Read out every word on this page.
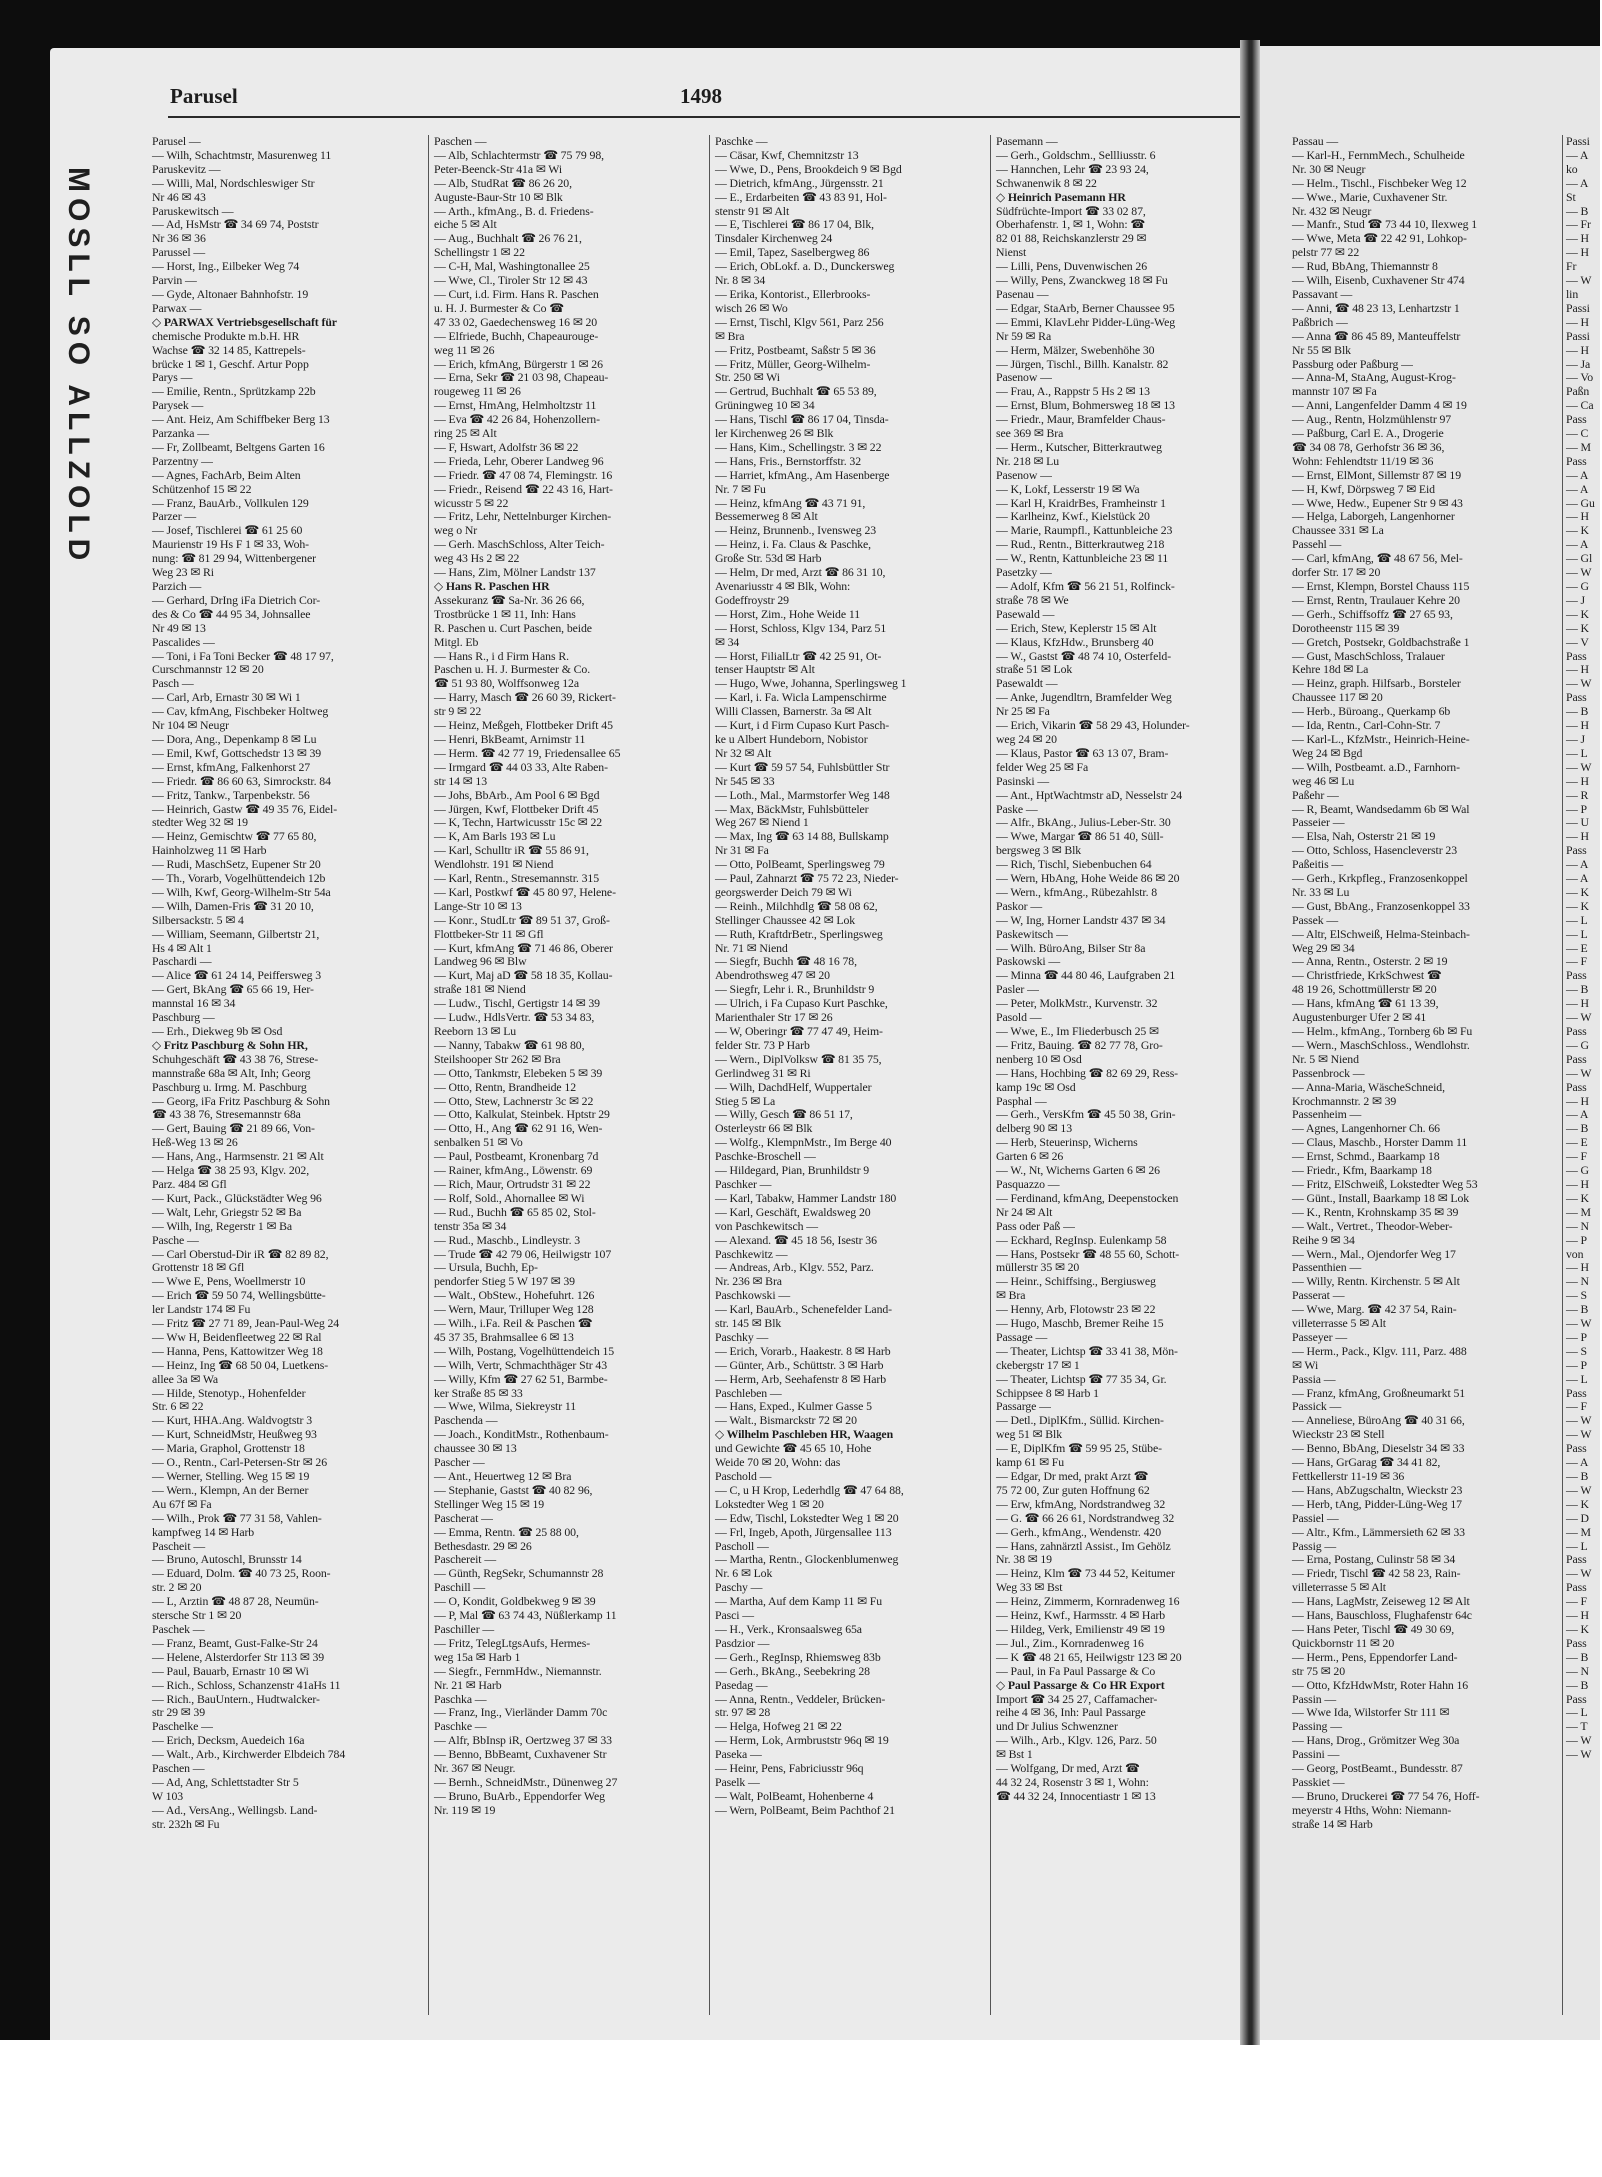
MOSLL SO ALLZOLD
Parusel	1498
Parusel —
— Wilh, Schachtmstr, Masurenweg 11
Paruskevitz —
— Willi, Mal, Nordschleswiger Str
Nr 46 ✉ 43
Paruskewitsch —
— Ad, HsMstr ☎ 34 69 74, Poststr
Nr 36 ✉ 36
Parussel —
— Horst, Ing., Eilbeker Weg 74
Parvin —
— Gyde, Altonaer Bahnhofstr. 19
Parwax —
◇ PARWAX Vertriebsgesellschaft für
chemische Produkte m.b.H. HR
Wachse ☎ 32 14 85, Kattrepels-
brücke 1 ✉ 1, Geschf. Artur Popp
Parys —
— Emilie, Rentn., Sprützkamp 22b
Parysek —
— Ant. Heiz, Am Schiffbeker Berg 13
Parzanka —
— Fr, Zollbeamt, Beltgens Garten 16
Parzentny —
— Agnes, FachArb, Beim Alten
Schützenhof 15 ✉ 22
— Franz, BauArb., Vollkulen 129
Parzer —
— Josef, Tischlerei ☎ 61 25 60
Maurienstr 19 Hs F 1 ✉ 33, Woh-
nung: ☎ 81 29 94, Wittenbergener
Weg 23 ✉ Ri
Parzich —
— Gerhard, DrIng iFa Dietrich Cor-
des & Co ☎ 44 95 34, Johnsallee
Nr 49 ✉ 13
Pascalides —
— Toni, i Fa Toni Becker ☎ 48 17 97,
Curschmannstr 12 ✉ 20
Pasch —
— Carl, Arb, Ernastr 30 ✉ Wi 1
— Cav, kfmAng, Fischbeker Holtweg
Nr 104 ✉ Neugr
— Dora, Ang., Depenkamp 8 ✉ Lu
— Emil, Kwf, Gottschedstr 13 ✉ 39
— Ernst, kfmAng, Falkenhorst 27
— Friedr. ☎ 86 60 63, Simrockstr. 84
— Fritz, Tankw., Tarpenbekstr. 56
— Heinrich, Gastw ☎ 49 35 76, Eidel-
stedter Weg 32 ✉ 19
— Heinz, Gemischtw ☎ 77 65 80,
Hainholzweg 11 ✉ Harb
— Rudi, MaschSetz, Eupener Str 20
— Th., Vorarb, Vogelhüttendeich 12b
— Wilh, Kwf, Georg-Wilhelm-Str 54a
— Wilh, Damen-Fris ☎ 31 20 10,
Silbersackstr. 5 ✉ 4
— William, Seemann, Gilbertstr 21,
Hs 4 ✉ Alt 1
Paschardi —
— Alice ☎ 61 24 14, Peiffersweg 3
— Gert, BkAng ☎ 65 66 19, Her-
mannstal 16 ✉ 34
Paschburg —
— Erh., Diekweg 9b ✉ Osd
◇ Fritz Paschburg & Sohn HR,
Schuhgeschäft ☎ 43 38 76, Strese-
mannstraße 68a ✉ Alt, Inh; Georg
Paschburg u. Irmg. M. Paschburg
— Georg, iFa Fritz Paschburg & Sohn
☎ 43 38 76, Stresemannstr 68a
— Gert, Bauing ☎ 21 89 66, Von-
Heß-Weg 13 ✉ 26
— Hans, Ang., Harmsenstr. 21 ✉ Alt
— Helga ☎ 38 25 93, Klgv. 202,
Parz. 484 ✉ Gfl
— Kurt, Pack., Glückstädter Weg 96
— Walt, Lehr, Griegstr 52 ✉ Ba
— Wilh, Ing, Regerstr 1 ✉ Ba
Pasche —
— Carl Oberstud-Dir iR ☎ 82 89 82,
Grottenstr 18 ✉ Gfl
— Wwe E, Pens, Woellmerstr 10
— Erich ☎ 59 50 74, Wellingsbütte-
ler Landstr 174 ✉ Fu
— Fritz ☎ 27 71 89, Jean-Paul-Weg 24
— Ww H, Beidenfleetweg 22 ✉ Ral
— Hanna, Pens, Kattowitzer Weg 18
— Heinz, Ing ☎ 68 50 04, Luetkens-
allee 3a ✉ Wa
— Hilde, Stenotyp., Hohenfelder
Str. 6 ✉ 22
— Kurt, HHA.Ang. Waldvogtstr 3
— Kurt, SchneidMstr, Heußweg 93
— Maria, Graphol, Grottenstr 18
— O., Rentn., Carl-Petersen-Str ✉ 26
— Werner, Stelling. Weg 15 ✉ 19
— Wern., Klempn, An der Berner
Au 67f ✉ Fa
— Wilh., Prok ☎ 77 31 58, Vahlen-
kampfweg 14 ✉ Harb
Pascheit —
— Bruno, Autoschl, Brunsstr 14
— Eduard, Dolm. ☎ 40 73 25, Roon-
str. 2 ✉ 20
— L, Arztin ☎ 48 87 28, Neumün-
stersche Str 1 ✉ 20
Paschek —
— Franz, Beamt, Gust-Falke-Str 24
— Helene, Alsterdorfer Str 113 ✉ 39
— Paul, Bauarb, Ernastr 10 ✉ Wi
— Rich., Schloss, Schanzenstr 41aHs 11
— Rich., BauUntern., Hudtwalcker-
str 29 ✉ 39
Paschelke —
— Erich, Decksm, Auedeich 16a
— Walt., Arb., Kirchwerder Elbdeich 784
Paschen —
— Ad, Ang, Schlettstadter Str 5
W 103
— Ad., VersAng., Wellingsb. Land-
str. 232h ✉ Fu
Paschen —
— Alb, Schlachtermstr ☎ 75 79 98,
Peter-Beenck-Str 41a ✉ Wi
— Alb, StudRat ☎ 86 26 20,
Auguste-Baur-Str 10 ✉ Blk
— Arth., kfmAng., B. d. Friedens-
eiche 5 ✉ Alt
— Aug., Buchhalt ☎ 26 76 21,
Schellingstr 1 ✉ 22
— C-H, Mal, Washingtonallee 25
— Wwe, Cl., Tiroler Str 12 ✉ 43
— Curt, i.d. Firm. Hans R. Paschen
u. H. J. Burmester & Co ☎
47 33 02, Gaedechensweg 16 ✉ 20
— Elfriede, Buchh, Chapeaurouge-
weg 11 ✉ 26
— Erich, kfmAng, Bürgerstr 1 ✉ 26
— Erna, Sekr ☎ 21 03 98, Chapeau-
rougeweg 11 ✉ 26
— Ernst, HmAng, Helmholtzstr 11
— Eva ☎ 42 26 84, Hohenzollern-
ring 25 ✉ Alt
— F, Hswart, Adolfstr 36 ✉ 22
— Frieda, Lehr, Oberer Landweg 96
— Friedr. ☎ 47 08 74, Flemingstr. 16
— Friedr., Reisend ☎ 22 43 16, Hart-
wicusstr 5 ✉ 22
— Fritz, Lehr, Nettelnburger Kirchen-
weg o Nr
— Gerh. MaschSchloss, Alter Teich-
weg 43 Hs 2 ✉ 22
— Hans, Zim, Mölner Landstr 137
◇ Hans R. Paschen HR
Assekuranz ☎ Sa-Nr. 36 26 66,
Trostbrücke 1 ✉ 11, Inh: Hans
R. Paschen u. Curt Paschen, beide
Mitgl. Eb
— Hans R., i d Firm Hans R.
Paschen u. H. J. Burmester & Co.
☎ 51 93 80, Wolffsonweg 12a
— Harry, Masch ☎ 26 60 39, Rickert-
str 9 ✉ 22
— Heinz, Meßgeh, Flottbeker Drift 45
— Henri, BkBeamt, Arnimstr 11
— Herm. ☎ 42 77 19, Friedensallee 65
— Irmgard ☎ 44 03 33, Alte Raben-
str 14 ✉ 13
— Johs, BbArb., Am Pool 6 ✉ Bgd
— Jürgen, Kwf, Flottbeker Drift 45
— K, Techn, Hartwicusstr 15c ✉ 22
— K, Am Barls 193 ✉ Lu
— Karl, Schulltr iR ☎ 55 86 91,
Wendlohstr. 191 ✉ Niend
— Karl, Rentn., Stresemannstr. 315
— Karl, Postkwf ☎ 45 80 97, Helene-
Lange-Str 10 ✉ 13
— Konr., StudLtr ☎ 89 51 37, Groß-
Flottbeker-Str 11 ✉ Gfl
— Kurt, kfmAng ☎ 71 46 86, Oberer
Landweg 96 ✉ Blw
— Kurt, Maj aD ☎ 58 18 35, Kollau-
straße 181 ✉ Niend
— Ludw., Tischl, Gertigstr 14 ✉ 39
— Ludw., HdlsVertr. ☎ 53 34 83,
Reeborn 13 ✉ Lu
— Nanny, Tabakw ☎ 61 98 80,
Steilshooper Str 262 ✉ Bra
— Otto, Tankmstr, Elebeken 5 ✉ 39
— Otto, Rentn, Brandheide 12
— Otto, Stew, Lachnerstr 3c ✉ 22
— Otto, Kalkulat, Steinbek. Hptstr 29
— Otto, H., Ang ☎ 62 91 16, Wen-
senbalken 51 ✉ Vo
— Paul, Postbeamt, Kronenbarg 7d
— Rainer, kfmAng., Löwenstr. 69
— Rich, Maur, Ortrudstr 31 ✉ 22
— Rolf, Sold., Ahornallee ✉ Wi
— Rud., Buchh ☎ 65 85 02, Stol-
tenstr 35a ✉ 34
— Rud., Maschb., Lindleystr. 3
— Trude ☎ 42 79 06, Heilwigstr 107
— Ursula, Buchh, Ep-
pendorfer Stieg 5 W 197 ✉ 39
— Walt., ObStew., Hohefuhrt. 126
— Wern, Maur, Trilluper Weg 128
— Wilh., i.Fa. Reil & Paschen ☎
45 37 35, Brahmsallee 6 ✉ 13
— Wilh, Postang, Vogelhüttendeich 15
— Wilh, Vertr, Schmachthäger Str 43
— Willy, Kfm ☎ 27 62 51, Barmbe-
ker Straße 85 ✉ 33
— Wwe, Wilma, Siekreystr 11
Paschenda —
— Joach., KonditMstr., Rothenbaum-
chaussee 30 ✉ 13
Pascher —
— Ant., Heuertweg 12 ✉ Bra
— Stephanie, Gastst ☎ 40 82 96,
Stellinger Weg 15 ✉ 19
Pascherat —
— Emma, Rentn. ☎ 25 88 00,
Bethesdastr. 29 ✉ 26
Paschereit —
— Günth, RegSekr, Schumannstr 28
Paschill —
— O, Kondit, Goldbekweg 9 ✉ 39
— P, Mal ☎ 63 74 43, Nüßlerkamp 11
Paschiller —
— Fritz, TelegLtgsAufs, Hermes-
weg 15a ✉ Harb 1
— Siegfr., FernmHdw., Niemannstr.
Nr. 21 ✉ Harb
Paschka —
— Franz, Ing., Vierländer Damm 70c
Paschke —
— Alfr, BbInsp iR, Oertzweg 37 ✉ 33
— Benno, BbBeamt, Cuxhavener Str
Nr. 367 ✉ Neugr.
— Bernh., SchneidMstr., Dünenweg 27
— Bruno, BuArb., Eppendorfer Weg
Nr. 119 ✉ 19
Paschke —
— Cäsar, Kwf, Chemnitzstr 13
— Wwe, D., Pens, Brookdeich 9 ✉ Bgd
— Dietrich, kfmAng., Jürgensstr. 21
— E., Erdarbeiten ☎ 43 83 91, Hol-
stenstr 91 ✉ Alt
— E, Tischlerei ☎ 86 17 04, Blk,
Tinsdaler Kirchenweg 24
— Emil, Tapez, Saselbergweg 86
— Erich, ObLokf. a. D., Dunckersweg
Nr. 8 ✉ 34
— Erika, Kontorist., Ellerbrooks-
wisch 26 ✉ Wo
— Ernst, Tischl, Klgv 561, Parz 256
✉ Bra
— Fritz, Postbeamt, Saßstr 5 ✉ 36
— Fritz, Müller, Georg-Wilhelm-
Str. 250 ✉ Wi
— Gertrud, Buchhalt ☎ 65 53 89,
Grüningweg 10 ✉ 34
— Hans, Tischl ☎ 86 17 04, Tinsda-
ler Kirchenweg 26 ✉ Blk
— Hans, Kim., Schellingstr. 3 ✉ 22
— Hans, Fris., Bernstorffstr. 32
— Harriet, kfmAng., Am Hasenberge
Nr. 7 ✉ Fu
— Heinz, kfmAng ☎ 43 71 91,
Bessemerweg 8 ✉ Alt
— Heinz, Brunnenb., Ivensweg 23
— Heinz, i. Fa. Claus & Paschke,
Große Str. 53d ✉ Harb
— Helm, Dr med, Arzt ☎ 86 31 10,
Avenariusstr 4 ✉ Blk, Wohn:
Godeffroystr 29
— Horst, Zim., Hohe Weide 11
— Horst, Schloss, Klgv 134, Parz 51
✉ 34
— Horst, FilialLtr ☎ 42 25 91, Ot-
tenser Hauptstr ✉ Alt
— Hugo, Wwe, Johanna, Sperlingsweg 1
— Karl, i. Fa. Wicla Lampenschirme
Willi Classen, Barnerstr. 3a ✉ Alt
— Kurt, i d Firm Cupaso Kurt Pasch-
ke u Albert Hundeborn, Nobistor
Nr 32 ✉ Alt
— Kurt ☎ 59 57 54, Fuhlsbüttler Str
Nr 545 ✉ 33
— Loth., Mal., Marmstorfer Weg 148
— Max, BäckMstr, Fuhlsbütteler
Weg 267 ✉ Niend 1
— Max, Ing ☎ 63 14 88, Bullskamp
Nr 31 ✉ Fa
— Otto, PolBeamt, Sperlingsweg 79
— Paul, Zahnarzt ☎ 75 72 23, Nieder-
georgswerder Deich 79 ✉ Wi
— Reinh., Milchhdlg ☎ 58 08 62,
Stellinger Chaussee 42 ✉ Lok
— Ruth, KraftdrBetr., Sperlingsweg
Nr. 71 ✉ Niend
— Siegfr, Buchh ☎ 48 16 78,
Abendrothsweg 47 ✉ 20
— Siegfr, Lehr i. R., Brunhildstr 9
— Ulrich, i Fa Cupaso Kurt Paschke,
Marienthaler Str 17 ✉ 26
— W, Oberingr ☎ 77 47 49, Heim-
felder Str. 73 P Harb
— Wern., DiplVolksw ☎ 81 35 75,
Gerlindweg 31 ✉ Ri
— Wilh, DachdHelf, Wuppertaler
Stieg 5 ✉ La
— Willy, Gesch ☎ 86 51 17,
Osterleystr 66 ✉ Blk
— Wolfg., KlempnMstr., Im Berge 40
Paschke-Broschell —
— Hildegard, Pian, Brunhildstr 9
Paschker —
— Karl, Tabakw, Hammer Landstr 180
— Karl, Geschäft, Ewaldsweg 20
von Paschkewitsch —
— Alexand. ☎ 45 18 56, Isestr 36
Paschkewitz —
— Andreas, Arb., Klgv. 552, Parz.
Nr. 236 ✉ Bra
Paschkowski —
— Karl, BauArb., Schenefelder Land-
str. 145 ✉ Blk
Paschky —
— Erich, Vorarb., Haakestr. 8 ✉ Harb
— Günter, Arb., Schüttstr. 3 ✉ Harb
— Herm, Arb, Seehafenstr 8 ✉ Harb
Paschleben —
— Hans, Exped., Kulmer Gasse 5
— Walt., Bismarckstr 72 ✉ 20
◇ Wilhelm Paschleben HR, Waagen
und Gewichte ☎ 45 65 10, Hohe
Weide 70 ✉ 20, Wohn: das
Paschold —
— C, u H Krop, Lederhdlg ☎ 47 64 88,
Lokstedter Weg 1 ✉ 20
— Edw, Tischl, Lokstedter Weg 1 ✉ 20
— Frl, Ingeb, Apoth, Jürgensallee 113
Pascholl —
— Martha, Rentn., Glockenblumenweg
Nr. 6 ✉ Lok
Paschy —
— Martha, Auf dem Kamp 11 ✉ Fu
Pasci —
— H., Verk., Kronsaalsweg 65a
Pasdzior —
— Gerh., RegInsp, Rhiemsweg 83b
— Gerh., BkAng., Seebekring 28
Pasedag —
— Anna, Rentn., Veddeler, Brücken-
str. 97 ✉ 28
— Helga, Hofweg 21 ✉ 22
— Herm, Lok, Armbruststr 96q ✉ 19
Paseka —
— Heinr, Pens, Fabriciusstr 96q
Paselk —
— Walt, PolBeamt, Hohenberne 4
— Wern, PolBeamt, Beim Pachthof 21
Pasemann —
— Gerh., Goldschm., Sellliusstr. 6
— Hannchen, Lehr ☎ 23 93 24,
Schwanenwik 8 ✉ 22
◇ Heinrich Pasemann HR
Südfrüchte-Import ☎ 33 02 87,
Oberhafenstr. 1, ✉ 1, Wohn: ☎
82 01 88, Reichskanzlerstr 29 ✉
Nienst
— Lilli, Pens, Duvenwischen 26
— Willy, Pens, Zwanckweg 18 ✉ Fu
Pasenau —
— Edgar, StaArb, Berner Chaussee 95
— Emmi, KlavLehr Pidder-Lüng-Weg
Nr 59 ✉ Ra
— Herm, Mälzer, Swebenhöhe 30
— Jürgen, Tischl., Billh. Kanalstr. 82
Pasenow —
— Frau, A., Rappstr 5 Hs 2 ✉ 13
— Ernst, Blum, Bohmersweg 18 ✉ 13
— Friedr., Maur, Bramfelder Chaus-
see 369 ✉ Bra
— Herm., Kutscher, Bitterkrautweg
Nr. 218 ✉ Lu
Pasenow —
— K, Lokf, Lesserstr 19 ✉ Wa
— Karl H, KraidrBes, Framheinstr 1
— Karlheinz, Kwf., Kielstück 20
— Marie, Raumpfl., Kattunbleiche 23
— Rud., Rentn., Bitterkrautweg 218
— W., Rentn, Kattunbleiche 23 ✉ 11
Pasetzky —
— Adolf, Kfm ☎ 56 21 51, Rolfinck-
straße 78 ✉ We
Pasewald —
— Erich, Stew, Keplerstr 15 ✉ Alt
— Klaus, KfzHdw., Brunsberg 40
— W., Gastst ☎ 48 74 10, Osterfeld-
straße 51 ✉ Lok
Pasewaldt —
— Anke, Jugendltrn, Bramfelder Weg
Nr 25 ✉ Fa
— Erich, Vikarin ☎ 58 29 43, Holunder-
weg 24 ✉ 20
— Klaus, Pastor ☎ 63 13 07, Bram-
felder Weg 25 ✉ Fa
Pasinski —
— Ant., HptWachtmstr aD, Nesselstr 24
Paske —
— Alfr., BkAng., Julius-Leber-Str. 30
— Wwe, Margar ☎ 86 51 40, Süll-
bergsweg 3 ✉ Blk
— Rich, Tischl, Siebenbuchen 64
— Wern, HbAng, Hohe Weide 86 ✉ 20
— Wern., kfmAng., Rübezahlstr. 8
Paskor —
— W, Ing, Horner Landstr 437 ✉ 34
Paskewitsch —
— Wilh. BüroAng, Bilser Str 8a
Paskowski —
— Minna ☎ 44 80 46, Laufgraben 21
Pasler —
— Peter, MolkMstr., Kurvenstr. 32
Pasold —
— Wwe, E., Im Fliederbusch 25 ✉
— Fritz, Bauing. ☎ 82 77 78, Gro-
nenberg 10 ✉ Osd
— Hans, Hochbing ☎ 82 69 29, Ress-
kamp 19c ✉ Osd
Pasphal —
— Gerh., VersKfm ☎ 45 50 38, Grin-
delberg 90 ✉ 13
— Herb, Steuerinsp, Wicherns
Garten 6 ✉ 26
— W., Nt, Wicherns Garten 6 ✉ 26
Pasquazzo —
— Ferdinand, kfmAng, Deepenstocken
Nr 24 ✉ Alt
Pass oder Paß —
— Eckhard, RegInsp. Eulenkamp 58
— Hans, Postsekr ☎ 48 55 60, Schott-
müllerstr 35 ✉ 20
— Heinr., Schiffsing., Bergiusweg
✉ Bra
— Henny, Arb, Flotowstr 23 ✉ 22
— Hugo, Maschb, Bremer Reihe 15
Passage —
— Theater, Lichtsp ☎ 33 41 38, Mön-
ckebergstr 17 ✉ 1
— Theater, Lichtsp ☎ 77 35 34, Gr.
Schippsee 8 ✉ Harb 1
Passarge —
— Detl., DiplKfm., Süllid. Kirchen-
weg 51 ✉ Blk
— E, DiplKfm ☎ 59 95 25, Stübe-
kamp 61 ✉ Fu
— Edgar, Dr med, prakt Arzt ☎
75 72 00, Zur guten Hoffnung 62
— Erw, kfmAng, Nordstrandweg 32
— G. ☎ 66 26 61, Nordstrandweg 32
— Gerh., kfmAng., Wendenstr. 420
— Hans, zahnärztl Assist., Im Gehölz
Nr. 38 ✉ 19
— Heinz, Klm ☎ 73 44 52, Keitumer
Weg 33 ✉ Bst
— Heinz, Zimmerm, Kornradenweg 16
— Heinz, Kwf., Harmsstr. 4 ✉ Harb
— Hildeg, Verk, Emilienstr 49 ✉ 19
— Jul., Zim., Kornradenweg 16
— K ☎ 48 21 65, Heilwigstr 123 ✉ 20
— Paul, in Fa Paul Passarge & Co
◇ Paul Passarge & Co HR Export
Import ☎ 34 25 27, Caffamacher-
reihe 4 ✉ 36, Inh: Paul Passarge
und Dr Julius Schwenzner
— Wilh., Arb., Klgv. 126, Parz. 50
✉ Bst 1
— Wolfgang, Dr med, Arzt ☎
44 32 24, Rosenstr 3 ✉ 1, Wohn:
☎ 44 32 24, Innocentiastr 1 ✉ 13
Passau —
— Karl-H., FernmMech., Schulheide
Nr. 30 ✉ Neugr
— Helm., Tischl., Fischbeker Weg 12
— Wwe., Marie, Cuxhavener Str.
Nr. 432 ✉ Neugr
— Manfr., Stud ☎ 73 44 10, Ilexweg 1
— Wwe, Meta ☎ 22 42 91, Lohkop-
pelstr 77 ✉ 22
— Rud, BbAng, Thiemannstr 8
— Wilh, Eisenb, Cuxhavener Str 474
Passavant —
— Anni, ☎ 48 23 13, Lenhartzstr 1
Paßbrich —
— Anna ☎ 86 45 89, Manteuffelstr
Nr 55 ✉ Blk
Passburg oder Paßburg —
— Anna-M, StaAng, August-Krog-
mannstr 107 ✉ Fa
— Anni, Langenfelder Damm 4 ✉ 19
— Aug., Rentn, Holzmühlenstr 97
— Paßburg, Carl E. A., Drogerie
☎ 34 08 78, Gerhofstr 36 ✉ 36,
Wohn: Fehlendtstr 11/19 ✉ 36
— Ernst, ElMont, Sillemstr 87 ✉ 19
— H, Kwf, Dörpsweg 7 ✉ Eid
— Wwe, Hedw., Eupener Str 9 ✉ 43
— Helga, Laborgeh, Langenhorner
Chaussee 331 ✉ La
Passehl —
— Carl, kfmAng, ☎ 48 67 56, Mel-
dorfer Str. 17 ✉ 20
— Ernst, Klempn, Borstel Chauss 115
— Ernst, Rentn, Traulauer Kehre 20
— Gerh., Schiffsoffz ☎ 27 65 93,
Dorotheenstr 115 ✉ 39
— Gretch, Postsekr, Goldbachstraße 1
— Gust, MaschSchloss, Tralauer
Kehre 18d ✉ La
— Heinz, graph. Hilfsarb., Borsteler
Chaussee 117 ✉ 20
— Herb., Büroang., Querkamp 6b
— Ida, Rentn., Carl-Cohn-Str. 7
— Karl-L., KfzMstr., Heinrich-Heine-
Weg 24 ✉ Bgd
— Wilh, Postbeamt. a.D., Farnhorn-
weg 46 ✉ Lu
Paßehr —
— R, Beamt, Wandsedamm 6b ✉ Wal
Passeier —
— Elsa, Nah, Osterstr 21 ✉ 19
— Otto, Schloss, Hasencleverstr 23
Paßeitis —
— Gerh., Krkpfleg., Franzosenkoppel
Nr. 33 ✉ Lu
— Gust, BbAng., Franzosenkoppel 33
Passek —
— Altr, ElSchweiß, Helma-Steinbach-
Weg 29 ✉ 34
— Anna, Rentn., Osterstr. 2 ✉ 19
— Christfriede, KrkSchwest ☎
48 19 26, Schottmüllerstr ✉ 20
— Hans, kfmAng ☎ 61 13 39,
Augustenburger Ufer 2 ✉ 41
— Helm., kfmAng., Tornberg 6b ✉ Fu
— Wern., MaschSchloss., Wendlohstr.
Nr. 5 ✉ Niend
Passenbrock —
— Anna-Maria, WäscheSchneid,
Krochmannstr. 2 ✉ 39
Passenheim —
— Agnes, Langenhorner Ch. 66
— Claus, Maschb., Horster Damm 11
— Ernst, Schmd., Baarkamp 18
— Friedr., Kfm, Baarkamp 18
— Fritz, ElSchweiß, Lokstedter Weg 53
— Günt., Install, Baarkamp 18 ✉ Lok
— K., Rentn, Krohnskamp 35 ✉ 39
— Walt., Vertret., Theodor-Weber-
Reihe 9 ✉ 34
— Wern., Mal., Ojendorfer Weg 17
Passenthien —
— Willy, Rentn. Kirchenstr. 5 ✉ Alt
Passerat —
— Wwe, Marg. ☎ 42 37 54, Rain-
villeterrasse 5 ✉ Alt
Passeyer —
— Herm., Pack., Klgv. 111, Parz. 488
✉ Wi
Passia —
— Franz, kfmAng, Großneumarkt 51
Passick —
— Anneliese, BüroAng ☎ 40 31 66,
Wieckstr 23 ✉ Stell
— Benno, BbAng, Dieselstr 34 ✉ 33
— Hans, GrGarag ☎ 34 41 82,
Fettkellerstr 11-19 ✉ 36
— Hans, AbZugschaltn, Wieckstr 23
— Herb, tAng, Pidder-Lüng-Weg 17
Passiel —
— Altr., Kfm., Lämmersieth 62 ✉ 33
Passig —
— Erna, Postang, Culinstr 58 ✉ 34
— Friedr, Tischl ☎ 42 58 23, Rain-
villeterrasse 5 ✉ Alt
— Hans, LagMstr, Zeiseweg 12 ✉ Alt
— Hans, Bauschloss, Flughafenstr 64c
— Hans Peter, Tischl ☎ 49 30 69,
Quickbornstr 11 ✉ 20
— Herm., Pens, Eppendorfer Land-
str 75 ✉ 20
— Otto, KfzHdwMstr, Roter Hahn 16
Passin —
— Wwe Ida, Wilstorfer Str 111 ✉
Passing —
— Hans, Drog., Grömitzer Weg 30a
Passini —
— Georg, PostBeamt., Bundesstr. 87
Passkiet —
— Bruno, Druckerei ☎ 77 54 76, Hoff-
meyerstr 4 Hths, Wohn: Niemann-
straße 14 ✉ Harb
Passi
— A
ko
— A
St
— B
— Fr
— H
— H
Fr
— W
lin
Passi
— H
Passi
— H
— Ja
— Vo
Paßn
— Ca
Pass
— C
— M
Pass
— A
— A
— Gu
— H
— K
— A
— Gl
— W
— G
— J
— K
— K
— V
Pass
— H
— W
Pass
— B
— H
— J
— L
— W
— H
— R
— P
— U
— H
Pass
— A
— A
— K
— K
— L
— L
— E
— F
Pass
— B
— H
— W
Pass
— G
Pass
— W
Pass
— H
— A
— B
— E
— F
— G
— H
— K
— M
— N
— P
von
— H
— N
— S
— B
— W
— P
— S
— P
— L
Pass
— F
— W
— W
Pass
— A
— B
— W
— K
— D
— M
— L
Pass
— W
Pass
— F
— H
— K
Pass
— B
— N
— B
Pass
— L
— T
— W
— W
